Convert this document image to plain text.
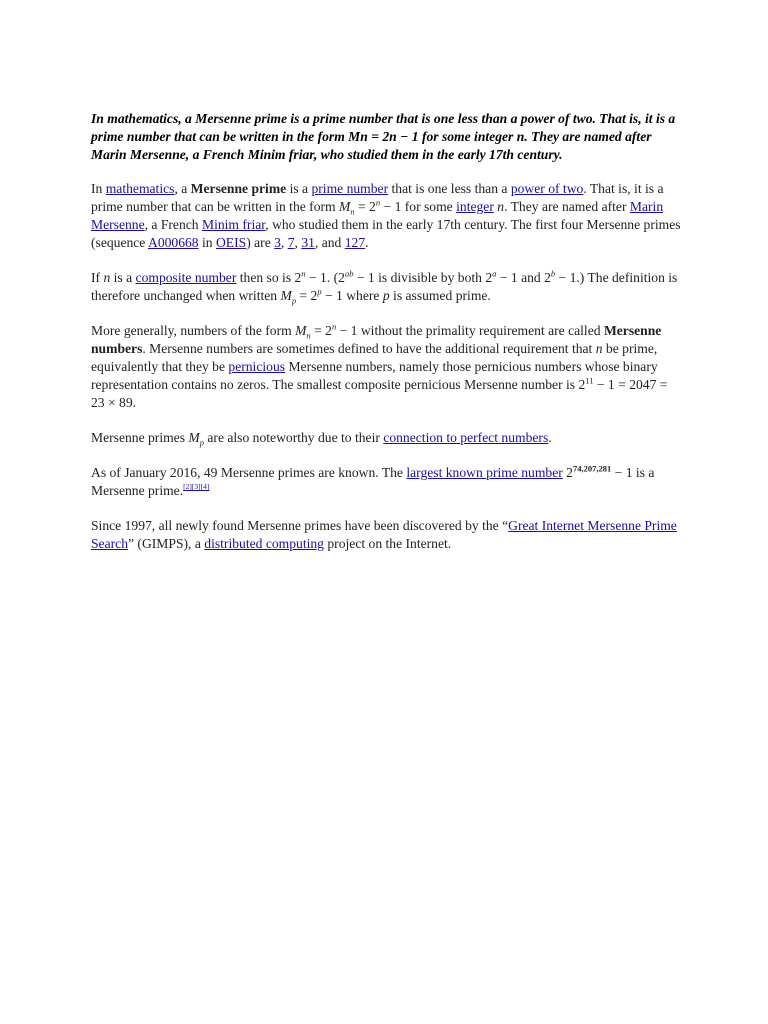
In mathematics, a Mersenne prime is a prime number that is one less than a power of two. That is, it is a prime number that can be written in the form Mn = 2n − 1 for some integer n. They are named after Marin Mersenne, a French Minim friar, who studied them in the early 17th century.

In mathematics, a Mersenne prime is a prime number that is one less than a power of two. That is, it is a prime number that can be written in the form $M_n = 2^n - 1$ for some integer n. They are named after Marin Mersenne, a French Minim friar, who studied them in the early 17th century. The first four Mersenne primes (sequence A000668 in OEIS) are 3, 7, 31, and 127.

If n is a composite number then so is $2^n - 1$. ($2^{ab} - 1$ is divisible by both $2^a - 1$ and $2^b - 1$.) The definition is therefore unchanged when written $M_p = 2^p - 1$ where p is assumed prime.

More generally, numbers of the form $M_n = 2^n - 1$ without the primality requirement are called Mersenne numbers. Mersenne numbers are sometimes defined to have the additional requirement that n be prime, equivalently that they be pernicious Mersenne numbers, namely those pernicious numbers whose binary representation contains no zeros. The smallest composite pernicious Mersenne number is $2^{11} - 1 = 2047 = 23 \times 89$.

Mersenne primes $M_p$ are also noteworthy due to their connection to perfect numbers.

As of January 2016, 49 Mersenne primes are known. The largest known prime number $2^{74,207,281} - 1$ is a Mersenne prime.[2][3][4]

Since 1997, all newly found Mersenne primes have been discovered by the “Great Internet Mersenne Prime Search” (GIMPS), a distributed computing project on the Internet.
